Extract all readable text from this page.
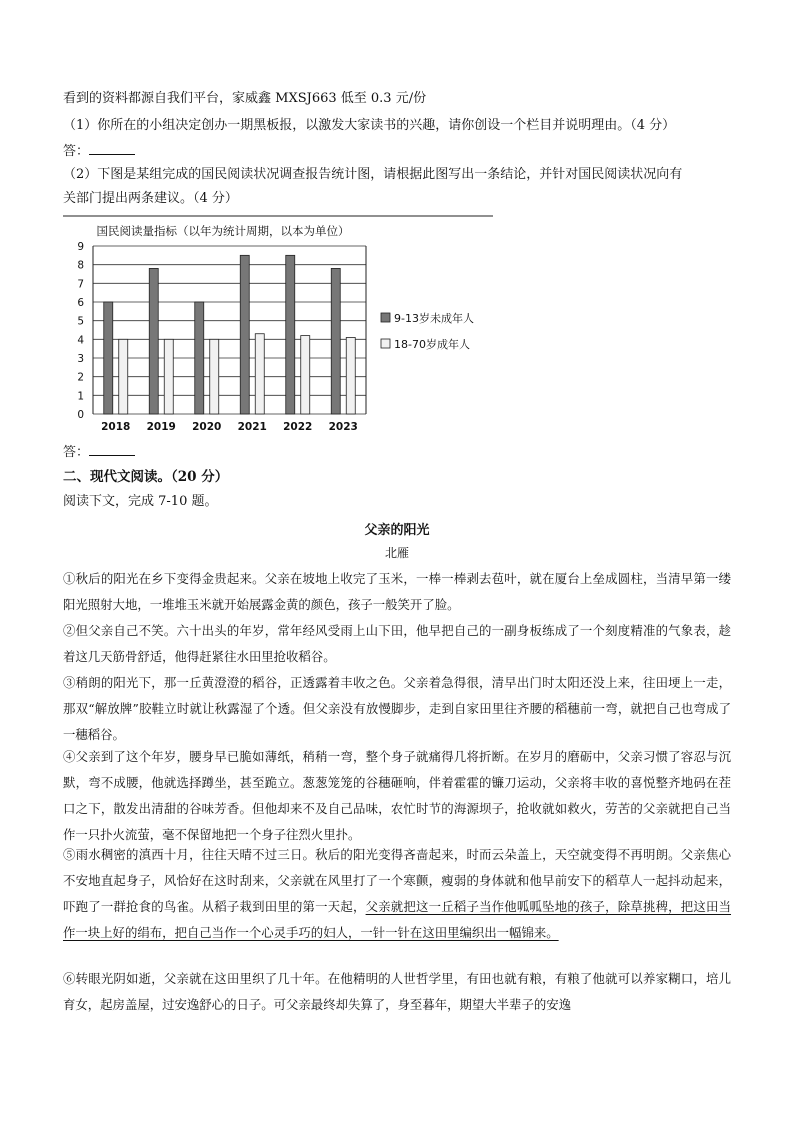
看到的资料都源自我们平台，家威鑫 MXSJ663 低至 0.3 元/份
（1）你所在的小组决定创办一期黑板报，以激发大家读书的兴趣，请你创设一个栏目并说明理由。（4 分）
答：
（2）下图是某组完成的国民阅读状况调查报告统计图，请根据此图写出一条结论，并针对国民阅读状况向有
关部门提出两条建议。（4 分）
国民阅读量指标（以年为统计周期，以本为单位）
0
1
2
3
4
5
6
7
8
9
2018 2019 2020 2021 2022 2023
9-13岁未成年人
18-70岁成年人
答：
二、现代文阅读。（20 分）
阅读下文，完成 7-10 题。
父亲的阳光
北雁
①秋后的阳光在乡下变得金贵起来。父亲在坡地上收完了玉米，一棒一棒剥去苞叶，就在厦台上垒成圆柱，当清早第一缕阳光照射大地，一堆堆玉米就开始展露金黄的颜色，孩子一般笑开了脸。
②但父亲自己不笑。六十出头的年岁，常年经风受雨上山下田，他早把自己的一副身板练成了一个刻度精准的气象表，趁着这几天筋骨舒适，他得赶紧往水田里抢收稻谷。
③稍朗的阳光下，那一丘黄澄澄的稻谷，正透露着丰收之色。父亲着急得很，清早出门时太阳还没上来，往田埂上一走，那双“解放牌”胶鞋立时就让秋露湿了个透。但父亲没有放慢脚步，走到自家田里往齐腰的稻穗前一弯，就把自己也弯成了一穗稻谷。
④父亲到了这个年岁，腰身早已脆如薄纸，稍稍一弯，整个身子就痛得几将折断。在岁月的磨砺中，父亲习惯了容忍与沉默，弯不成腰，他就选择蹲坐，甚至跪立。葱葱笼笼的谷穗砸响，伴着霍霍的镰刀运动，父亲将丰收的喜悦整齐地码在茬口之下，散发出清甜的谷味芳香。但他却来不及自己品味，农忙时节的海源坝子，抢收就如救火，劳苦的父亲就把自己当作一只扑火流萤，毫不保留地把一个身子往烈火里扑。
⑤雨水稠密的滇西十月，往往天晴不过三日。秋后的阳光变得吝啬起来，时而云朵盖上，天空就变得不再明朗。父亲焦心不安地直起身子，风恰好在这时刮来，父亲就在风里打了一个寒颤，瘦弱的身体就和他早前安下的稻草人一起抖动起来，吓跑了一群抢食的鸟雀。从稻子栽到田里的第一天起，父亲就把这一丘稻子当作他呱呱坠地的孩子，除草挑稗，把这田当作一块上好的绢布，把自己当作一个心灵手巧的妇人，一针一针在这田里编织出一幅锦来。
⑥转眼光阴如逝，父亲就在这田里织了几十年。在他精明的人世哲学里，有田也就有粮，有粮了他就可以养家糊口，培儿育女，起房盖屋，过安逸舒心的日子。可父亲最终却失算了，身至暮年，期望大半辈子的安逸
